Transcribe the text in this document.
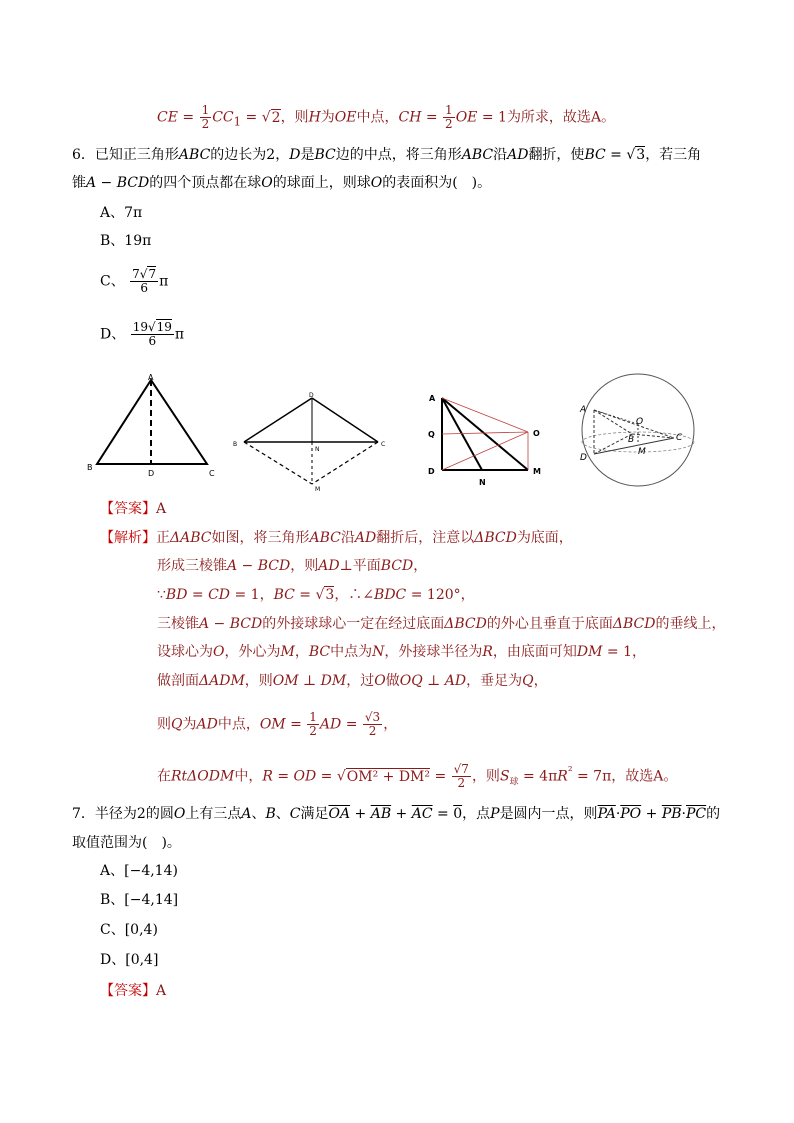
CE = $\frac{1}{2} CC_1 = √2$，则H为OE中点，CH = $\frac{1}{2}$ OE = 1为所求，故选A。
6．已知正三角形ABC的边长为2，D是BC边的中点，将三角形ABC沿AD翻折，使BC = √3，若三角
锥A − BCD的四个顶点都在球O的球面上，则球O的表面积为(　)。
A、7π
B、19π
C、 $\frac{7√7}{6}$ π
D、 $\frac{19√19}{6}$ π
A
B
C
D
D
B	C
N
M
A
Q
D
N
M
O
A
O
B	C
D
M
【答案】A
【解析】正ΔABC如图，将三角形ABC沿AD翻折后，注意以ΔBCD为底面，
形成三棱锥A − BCD，则AD⊥平面BCD，
∵BD = CD = 1，BC = √3，∴∠BDC = 120°，
三棱锥A − BCD的外接球球心一定在经过底面ΔBCD的外心且垂直于底面ΔBCD的垂线上，
设球心为O，外心为M，BC中点为N，外接球半径为R，由底面可知DM = 1，
做剖面ΔADM，则OM ⊥ DM，过O做OQ ⊥ AD，垂足为Q，
则Q为AD中点，OM = $\frac{1}{2}$ AD = $\frac{√3}{2}$ ，
在RtΔODM中，R = OD = $√OM^2 + DM^2 = \frac{√7}{2}$ ，则$S_球 = 4\pi R^{^2} = 7\pi$，故选A。
7．半径为2的圆O上有三点A、B、C满足$\overline{OA} + \overline{AB} + \overline{AC} = 0$，点P是圆内一点，则$\overline{PA}\cdot\overline{PO} + \overline{PB}\cdot\overline{PC}$的
取值范围为(　)。
A、[−4,14)
B、[−4,14]
C、[0,4)
D、[0,4]
【答案】A
